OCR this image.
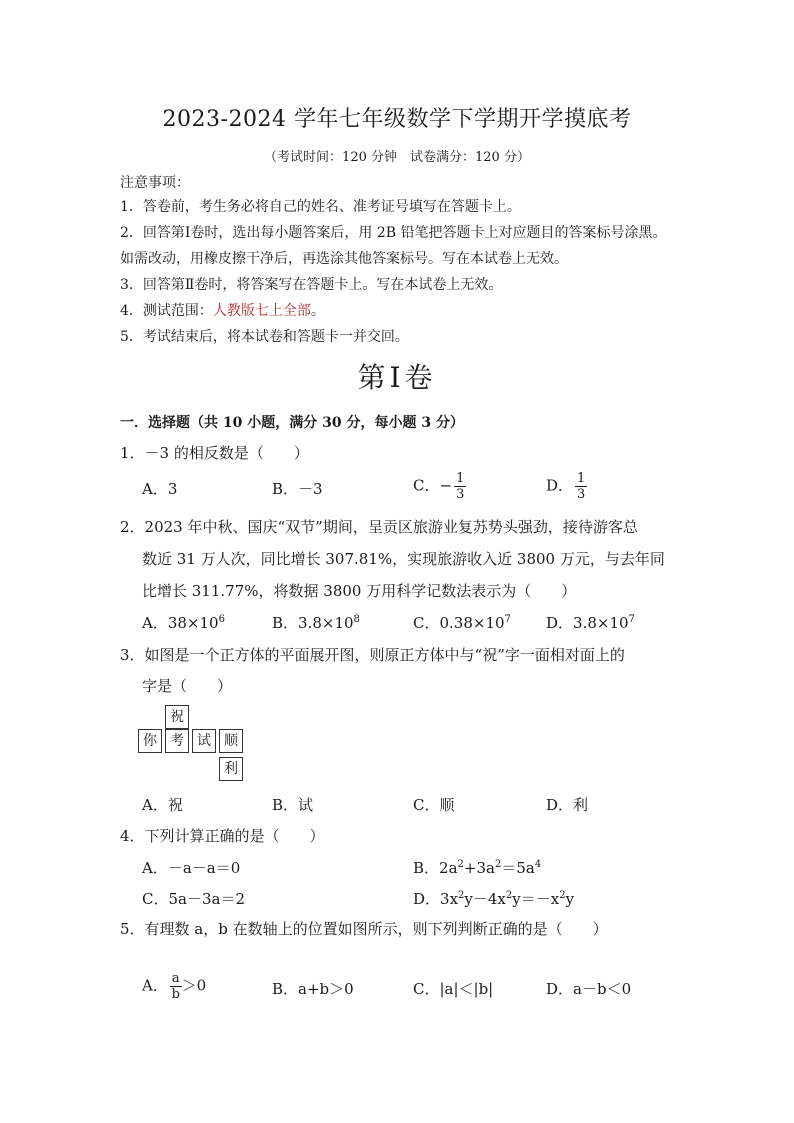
2023-2024 学年七年级数学下学期开学摸底考
（考试时间：120 分钟　试卷满分：120 分）
注意事项：
1．答卷前，考生务必将自己的姓名、准考证号填写在答题卡上。
2．回答第Ⅰ卷时，选出每小题答案后，用 2B 铅笔把答题卡上对应题目的答案标号涂黑。
如需改动，用橡皮擦干净后，再选涂其他答案标号。写在本试卷上无效。
3．回答第Ⅱ卷时，将答案写在答题卡上。写在本试卷上无效。
4．测试范围：人教版七上全部。
5．考试结束后，将本试卷和答题卡一并交回。
第Ⅰ卷
一．选择题（共 10 小题，满分 30 分，每小题 3 分）
1．－3 的相反数是（　　）
A．3	B．－3	C．− $\frac{1}{3}$	D． $\frac{1}{3}$
2．2023 年中秋、国庆“双节”期间，呈贡区旅游业复苏势头强劲，接待游客总
数近 31 万人次，同比增长 307.81%，实现旅游收入近 3800 万元，与去年同
比增长 311.77%，将数据 3800 万用科学记数法表示为（　　）
A．$38\times 10^6$	B．$3.8\times 10^8$	C．$0.38\times 10^7$ D．$3.8\times 10^7$
3．如图是一个正方体的平面展开图，则原正方体中与“祝”字一面相对面上的
字是（　　）
祝
你 考 试 顺
利
A．祝	B．试	C．顺	D．利
4．下列计算正确的是（　　）
A．－a－a＝0	B．$2a^2+3a^2=5a^4$
C．5a－3a＝2	D．$3x^2y-4x^2y=-x^2y$
5．有理数 a，b 在数轴上的位置如图所示，则下列判断正确的是（　　）
A． $\frac{a}{b} >0$	B．a+b＞0	C．|a|＜|b|	D．a－b＜0
